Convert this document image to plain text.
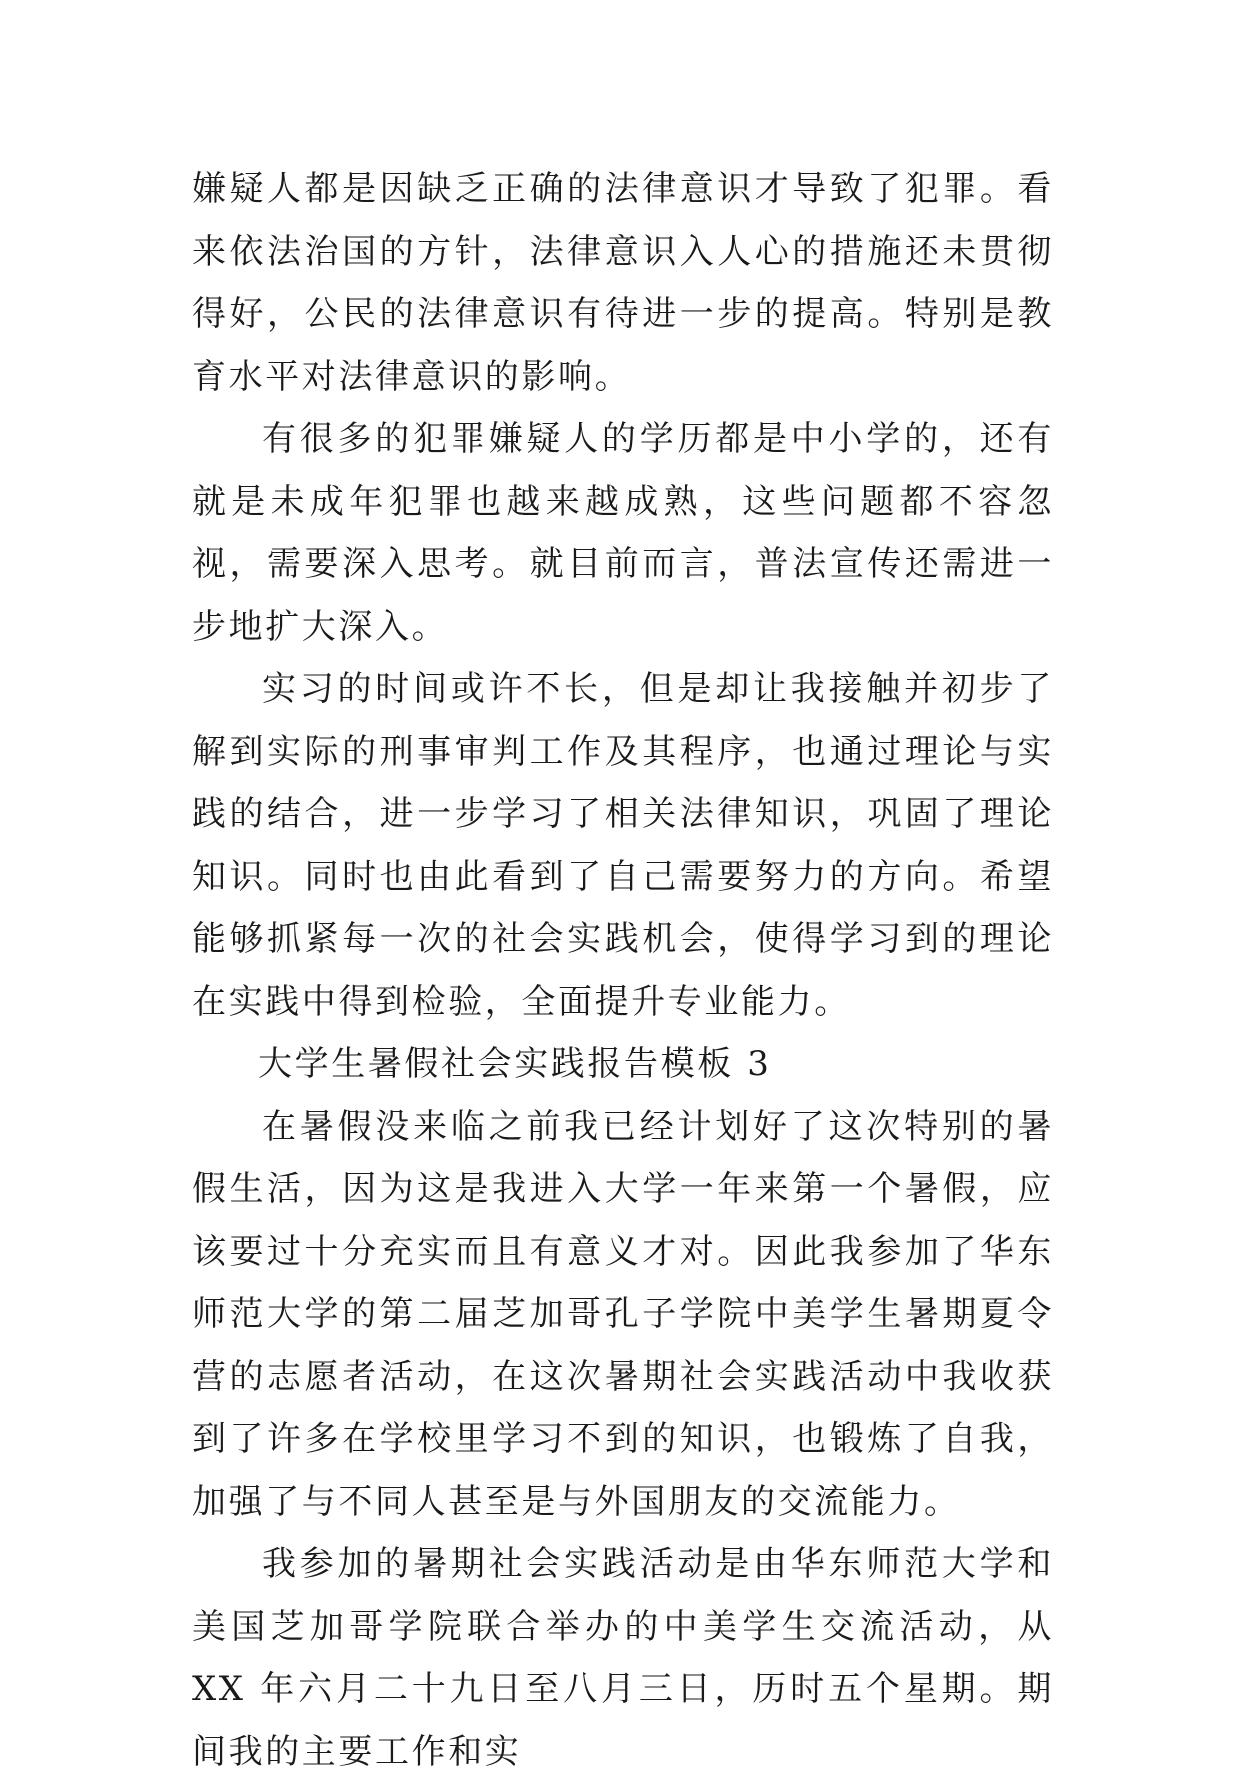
嫌疑人都是因缺乏正确的法律意识才导致了犯罪。看来依法治国的方针，法律意识入人心的措施还未贯彻得好，公民的法律意识有待进一步的提高。特别是教育水平对法律意识的影响。

有很多的犯罪嫌疑人的学历都是中小学的，还有就是未成年犯罪也越来越成熟，这些问题都不容忽视，需要深入思考。就目前而言，普法宣传还需进一步地扩大深入。

实习的时间或许不长，但是却让我接触并初步了解到实际的刑事审判工作及其程序，也通过理论与实践的结合，进一步学习了相关法律知识，巩固了理论知识。同时也由此看到了自己需要努力的方向。希望能够抓紧每一次的社会实践机会，使得学习到的理论在实践中得到检验，全面提升专业能力。

大学生暑假社会实践报告模板 3

在暑假没来临之前我已经计划好了这次特别的暑假生活，因为这是我进入大学一年来第一个暑假，应该要过十分充实而且有意义才对。因此我参加了华东师范大学的第二届芝加哥孔子学院中美学生暑期夏令营的志愿者活动，在这次暑期社会实践活动中我收获到了许多在学校里学习不到的知识，也锻炼了自我，加强了与不同人甚至是与外国朋友的交流能力。

我参加的暑期社会实践活动是由华东师范大学和美国芝加哥学院联合举办的中美学生交流活动，从 XX 年六月二十九日至八月三日，历时五个星期。期间我的主要工作和实
